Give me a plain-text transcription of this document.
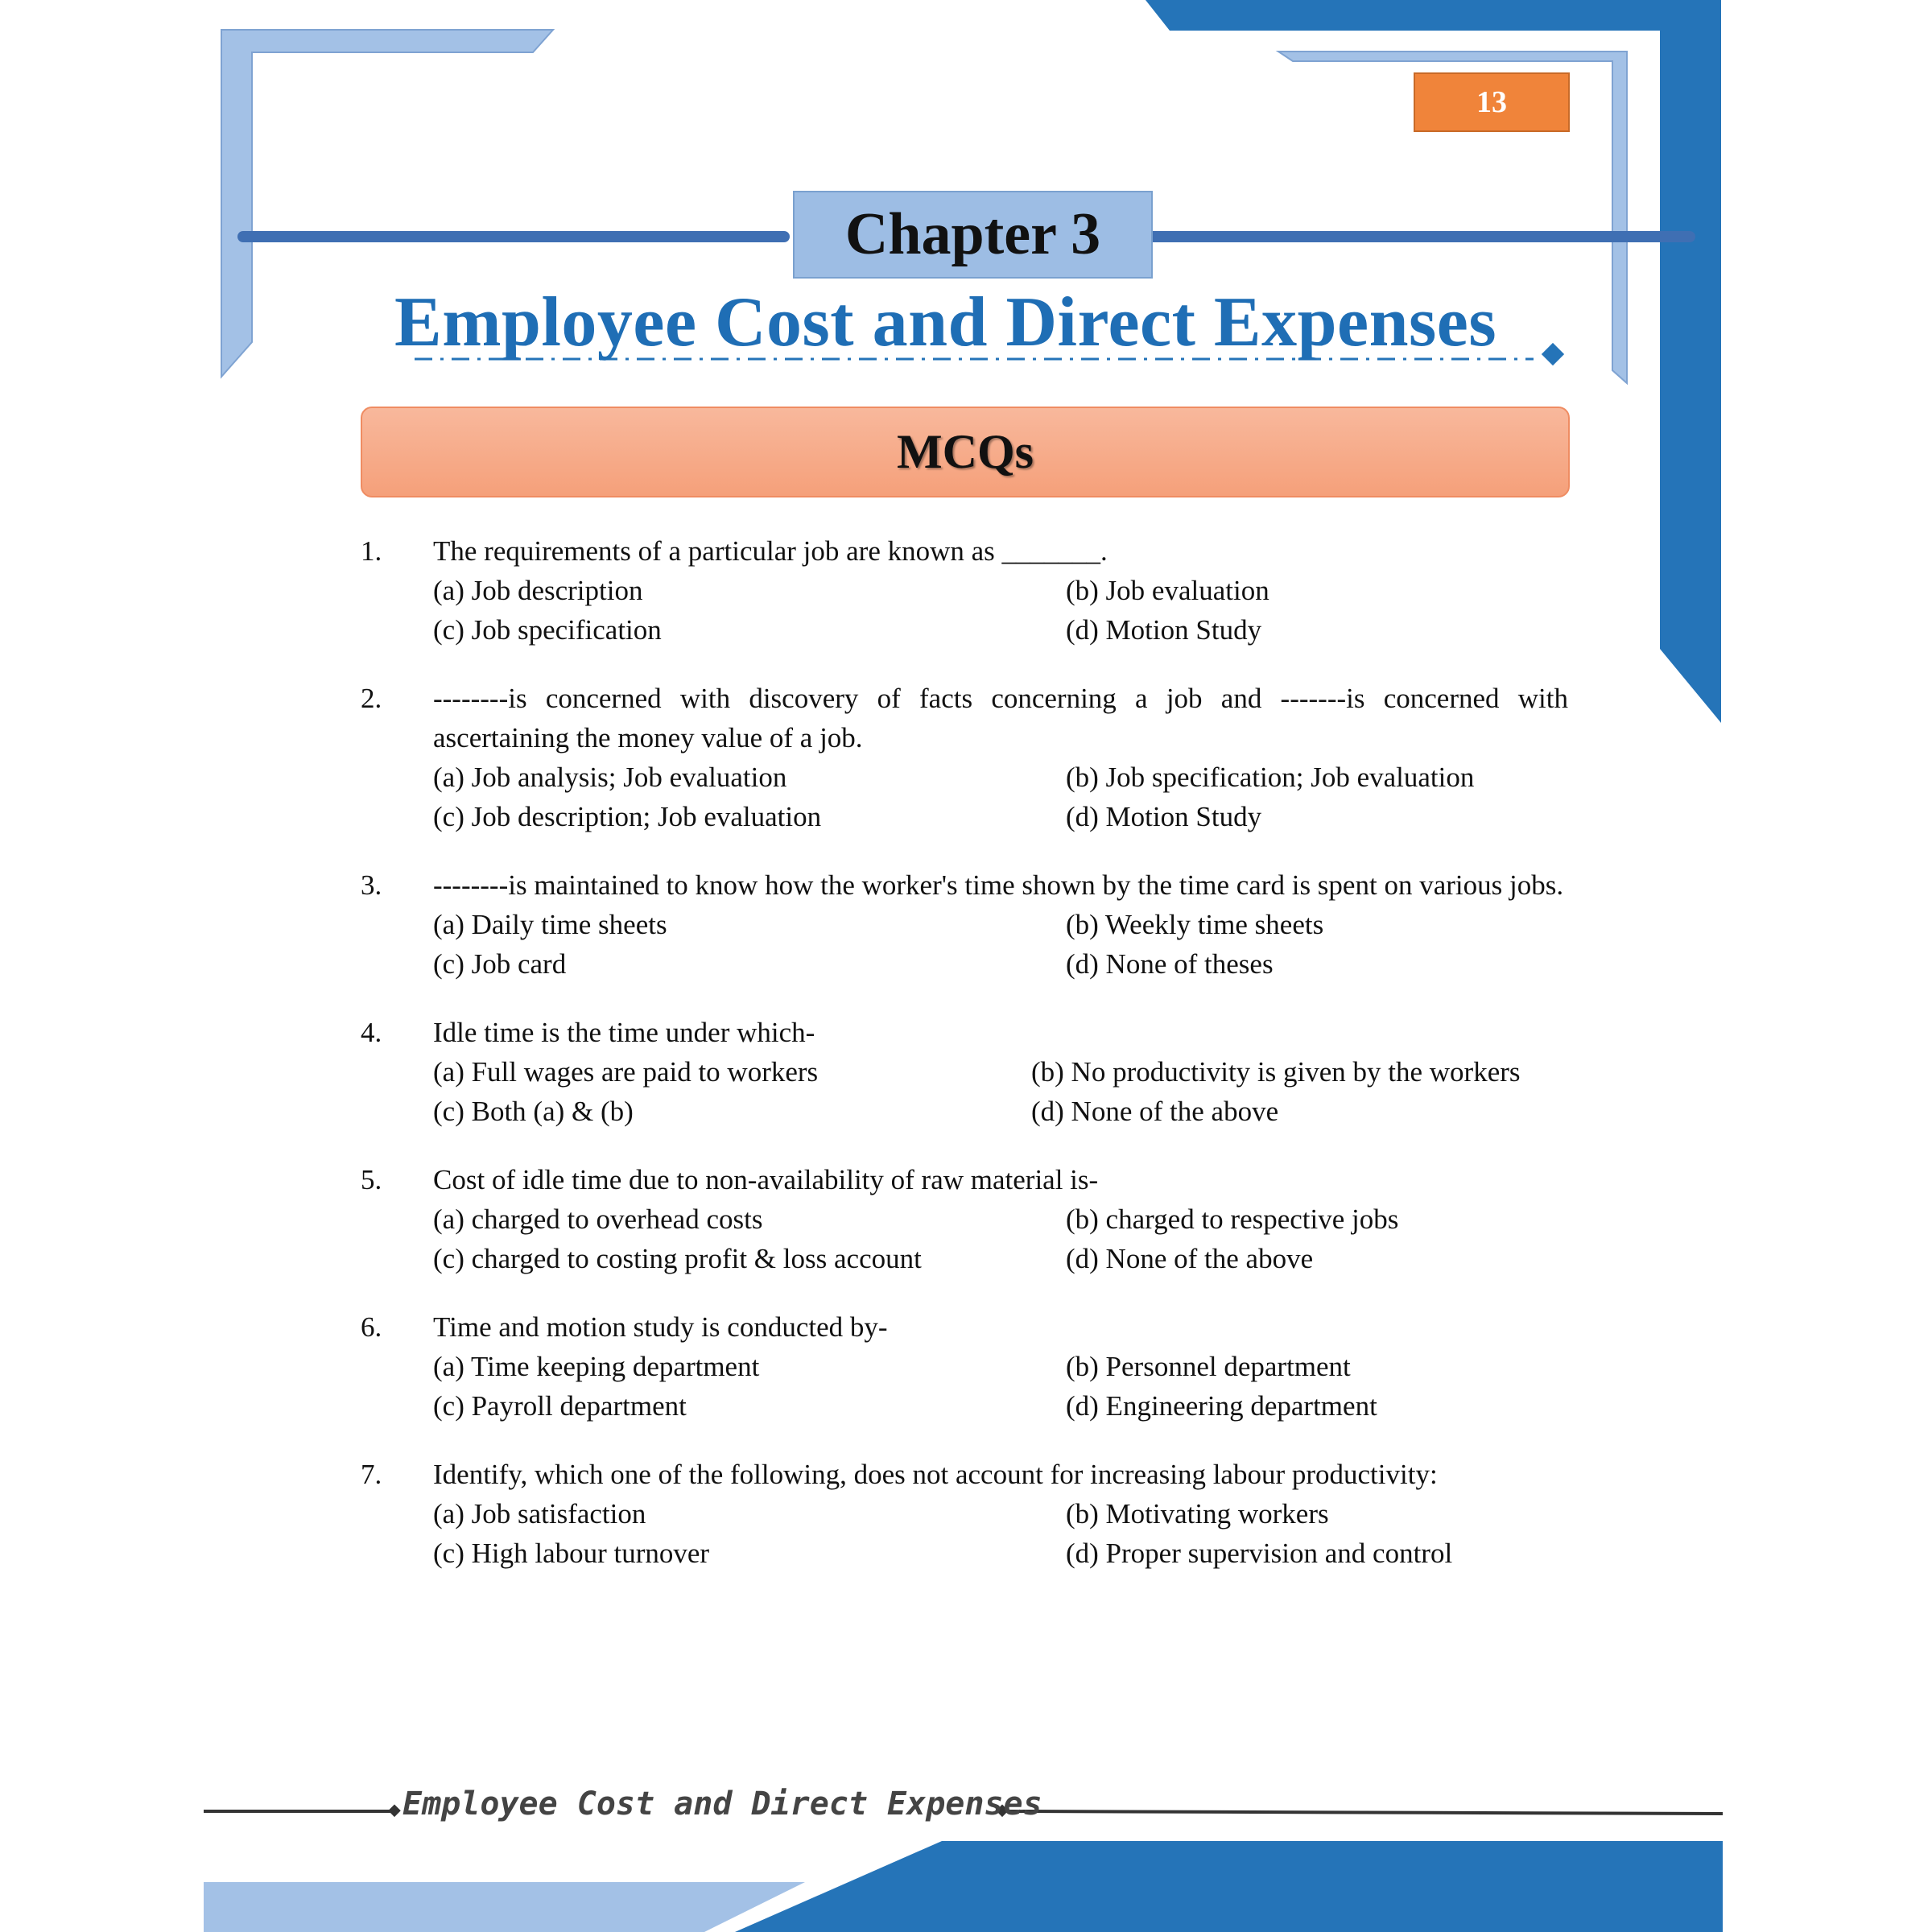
13
Chapter 3
Employee Cost and Direct Expenses
MCQs
1. The requirements of a particular job are known as _______.
(a) Job description	(b) Job evaluation
(c) Job specification	(d) Motion Study
2. --------is concerned with discovery of facts concerning a job and -------is concerned with ascertaining the money value of a job.
(a) Job analysis; Job evaluation	(b) Job specification; Job evaluation
(c) Job description; Job evaluation	(d) Motion Study
3. --------is maintained to know how the worker's time shown by the time card is spent on various jobs.
(a) Daily time sheets	(b) Weekly time sheets
(c) Job card	(d) None of theses
4. Idle time is the time under which-
(a) Full wages are paid to workers	(b) No productivity is given by the workers
(c) Both (a) & (b)	(d) None of the above
5. Cost of idle time due to non-availability of raw material is-
(a) charged to overhead costs	(b) charged to respective jobs
(c) charged to costing profit & loss account	(d) None of the above
6. Time and motion study is conducted by-
(a) Time keeping department	(b) Personnel department
(c) Payroll department	(d) Engineering department
7. Identify, which one of the following, does not account for increasing labour productivity:
(a) Job satisfaction	(b) Motivating workers
(c) High labour turnover	(d) Proper supervision and control
Employee Cost and Direct Expenses
